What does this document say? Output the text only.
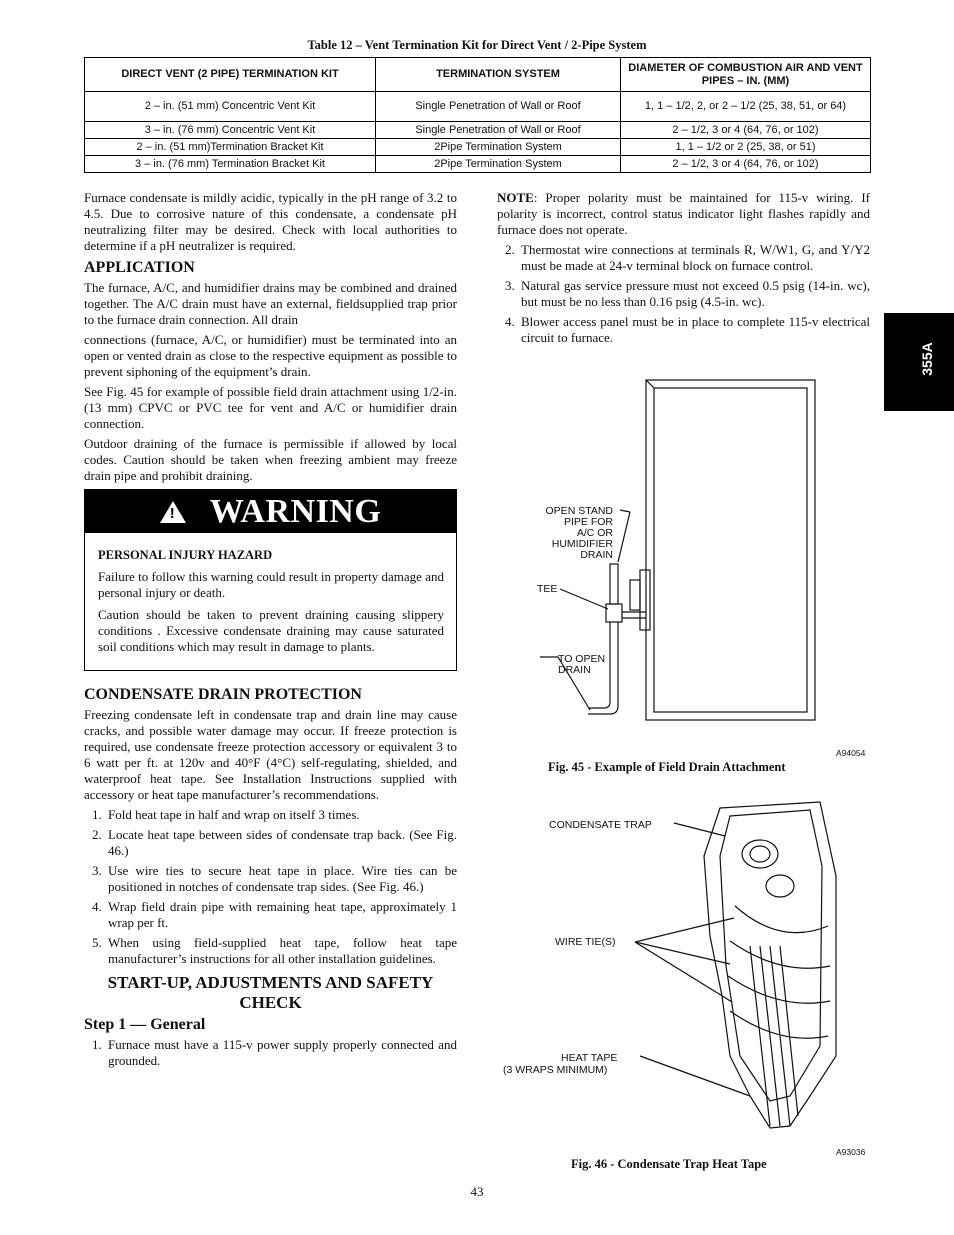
Table 12 – Vent Termination Kit for Direct Vent / 2-Pipe System
DIRECT VENT (2 PIPE) TERMINATION KIT	TERMINATION SYSTEM	DIAMETER OF COMBUSTION AIR AND VENT PIPES – IN. (MM)
2 – in. (51 mm) Concentric Vent Kit	Single Penetration of Wall or Roof	1, 1 – 1/2, 2, or 2 – 1/2 (25, 38, 51, or 64)
3 – in. (76 mm) Concentric Vent Kit	Single Penetration of Wall or Roof	2 – 1/2, 3 or 4 (64, 76, or 102)
2 – in. (51 mm)Termination Bracket Kit	2Pipe Termination System	1, 1 – 1/2 or 2 (25, 38, or 51)
3 – in. (76 mm) Termination Bracket Kit	2Pipe Termination System	2 – 1/2, 3 or 4 (64, 76, or 102)

Furnace condensate is mildly acidic, typically in the pH range of 3.2 to 4.5. Due to corrosive nature of this condensate, a condensate pH neutralizing filter may be desired. Check with local authorities to determine if a pH neutralizer is required.

APPLICATION

The furnace, A/C, and humidifier drains may be combined and drained together. The A/C drain must have an external, fieldsupplied trap prior to the furnace drain connection. All drain

connections (furnace, A/C, or humidifier) must be terminated into an open or vented drain as close to the respective equipment as possible to prevent siphoning of the equipment’s drain.

See Fig. 45 for example of possible field drain attachment using 1/2-in. (13 mm) CPVC or PVC tee for vent and A/C or humidifier drain connection.

Outdoor draining of the furnace is permissible if allowed by local codes. Caution should be taken when freezing ambient may freeze drain pipe and prohibit draining.

! WARNING
PERSONAL INJURY HAZARD

Failure to follow this warning could result in property damage and personal injury or death.

Caution should be taken to prevent draining causing slippery conditions . Excessive condensate draining may cause saturated soil conditions which may result in damage to plants.

CONDENSATE DRAIN PROTECTION

Freezing condensate left in condensate trap and drain line may cause cracks, and possible water damage may occur. If freeze protection is required, use condensate freeze protection accessory or equivalent 3 to 6 watt per ft. at 120v and 40°F (4°C) self-regulating, shielded, and waterproof heat tape. See Installation Instructions supplied with accessory or heat tape manufacturer’s recommendations.

1. Fold heat tape in half and wrap on itself 3 times.
2. Locate heat tape between sides of condensate trap back. (See Fig. 46.)
3. Use wire ties to secure heat tape in place. Wire ties can be positioned in notches of condensate trap sides. (See Fig. 46.)
4. Wrap field drain pipe with remaining heat tape, approximately 1 wrap per ft.
5. When using field-supplied heat tape, follow heat tape manufacturer’s instructions for all other installation guidelines.
START-UP, ADJUSTMENTS AND SAFETY CHECK
Step 1 — General
1. Furnace must have a 115-v power supply properly connected and grounded.

NOTE: Proper polarity must be maintained for 115-v wiring. If polarity is incorrect, control status indicator light flashes rapidly and furnace does not operate.

2. Thermostat wire connections at terminals R, W/W1, G, and Y/Y2 must be made at 24-v terminal block on furnace control.
3. Natural gas service pressure must not exceed 0.5 psig (14-in. wc), but must be no less than 0.16 psig (4.5-in. wc).
4. Blower access panel must be in place to complete 115-v electrical circuit to furnace.
355A
OPEN STAND
PIPE FOR
A/C OR
HUMIDIFIER
DRAIN
TEE
TO OPEN
DRAIN
A94054
Fig. 45 - Example of Field Drain Attachment
CONDENSATE TRAP
WIRE TIE(S)
HEAT TAPE
(3 WRAPS MINIMUM)
A93036
Fig. 46 - Condensate Trap Heat Tape
43
